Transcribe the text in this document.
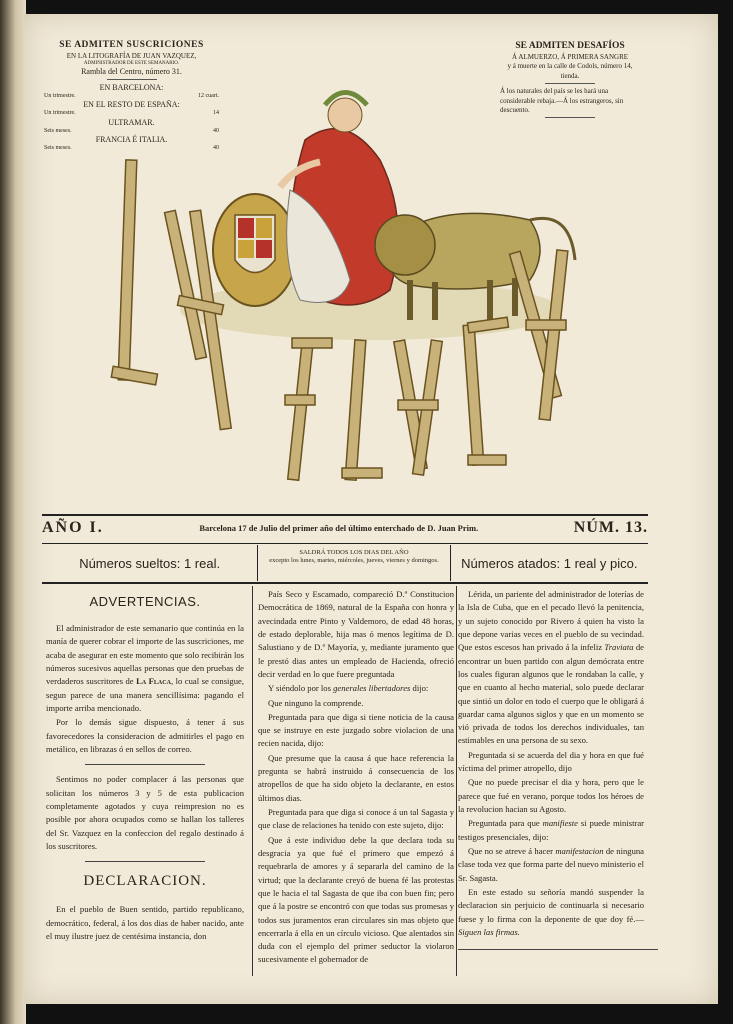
SE ADMITEN SUSCRICIONES
EN LA LITOGRAFÍA DE JUAN VAZQUEZ,
ADMINISTRADOR DE ESTE SEMANARIO.
Rambla del Centro, número 31.
EN BARCELONA:
Un trimestre.	12 cuart.
EN EL RESTO DE ESPAÑA:
Un trimestre.	14
ULTRAMAR.
Seis meses.	40
FRANCIA É ITALIA.
Seis meses.	40
SE ADMITEN DESAFÍOS
Á ALMUERZO, Á PRIMERA SANGRE
y á muerte en la calle de Codols, número 14, tienda.
Á los naturales del país se les hará una considerable rebaja.—Á los estrangeros, sin descuento.
LA FLACA
AÑO I.	Barcelona 17 de Julio del primer año del último enterchado de D. Juan Prim.	NÚM. 13.
Números sueltos: 1 real.
SALDRÁ TODOS LOS DIAS DEL AÑO
excepto los lunes, martes, miércoles, jueves, viernes y domingos.	Números atados: 1 real y pico.
ADVERTENCIAS.

El administrador de este semanario que continúa en la manía de querer cobrar el importe de las suscriciones, me acaba de asegurar en este momento que solo recibirán los números sucesivos aquellas personas que den pruebas de verdaderos suscritores de La Flaca, lo cual se consigue, segun parece de una manera sencillísima: pagando el importe arriba mencionado.

Por lo demás sigue dispuesto, á tener á sus favorecedores la consideracion de admitirles el pago en metálico, en librazas ó en sellos de correo.

Sentimos no poder complacer á las personas que solicitan los números 3 y 5 de esta publicacion completamente agotados y cuya reimpresion no es posible por ahora ocupados como se hallan los talleres del Sr. Vazquez en la confeccion del regalo destinado á los suscritores.

DECLARACION.

En el pueblo de Buen sentido, partido republicano, democrático, federal, á los dos dias de haber nacido, ante el muy ilustre juez de centésima instancia, don

País Seco y Escamado, compareció D.ª Constitucion Democrática de 1869, natural de la España con honra y avecindada entre Pinto y Valdemoro, de edad 48 horas, de estado deplorable, hija mas ó menos legítima de D. Salustiano y de D.ª Mayoría, y, mediante juramento que le prestó dias antes un empleado de Hacienda, ofreció decir verdad en lo que fuere preguntada

Y siéndolo por los generales libertadores dijo:

Que ninguno la comprende.

Preguntada para que diga si tiene noticia de la causa que se instruye en este juzgado sobre violacion de una recien nacida, dijo:

Que presume que la causa á que hace referencia la pregunta se habrá instruido á consecuencia de los atropellos de que ha sido objeto la declarante, en estos últimos dias.

Preguntada para que diga si conoce á un tal Sagasta y que clase de relaciones ha tenido con este sujeto, dijo:

Que á este individuo debe la que declara toda su desgracia ya que fué el primero que empezó á requebrarla de amores y á separarla del camino de la virtud; que la declarante creyó de buena fé las protestas que le hacia el tal Sagasta de que iba con buen fin; pero que á la postre se encontró con que todas sus promesas y todos sus juramentos eran circulares sin mas objeto que encerrarla á ella en un círculo vicioso. Que alentados sin duda con el ejemplo del primer seductor la violaron sucesivamente el gobernador de

Lérida, un pariente del administrador de loterías de la Isla de Cuba, que en el pecado llevó la penitencia, y un sujeto conocido por Rivero á quien ha visto la que depone varias veces en el pueblo de su vecindad. Que estos escesos han privado á la infeliz Traviata de encontrar un buen partido con algun demócrata entre los cuales figuran algunos que le rondaban la calle, y que en cuanto al hecho material, solo puede declarar que sintió un dolor en todo el cuerpo que le obligará á guardar cama algunos siglos y que en un momento se vió privada de todos los derechos individuales, tan estimables en una persona de su sexo.

Preguntada si se acuerda del dia y hora en que fué víctima del primer atropello, dijo

Que no puede precisar el dia y hora, pero que le parece que fué en verano, porque todos los héroes de la revolucion hacian su Agosto.

Preguntada para que manifieste si puede ministrar testigos presenciales, dijo:

Que no se atreve á hacer manifestacion de ninguna clase toda vez que forma parte del nuevo ministerio el Sr. Sagasta.

En este estado su señoría mandó suspender la declaracion sin perjuicio de continuarla si necesario fuese y lo firma con la deponente de que doy fé.—Siguen las firmas.
